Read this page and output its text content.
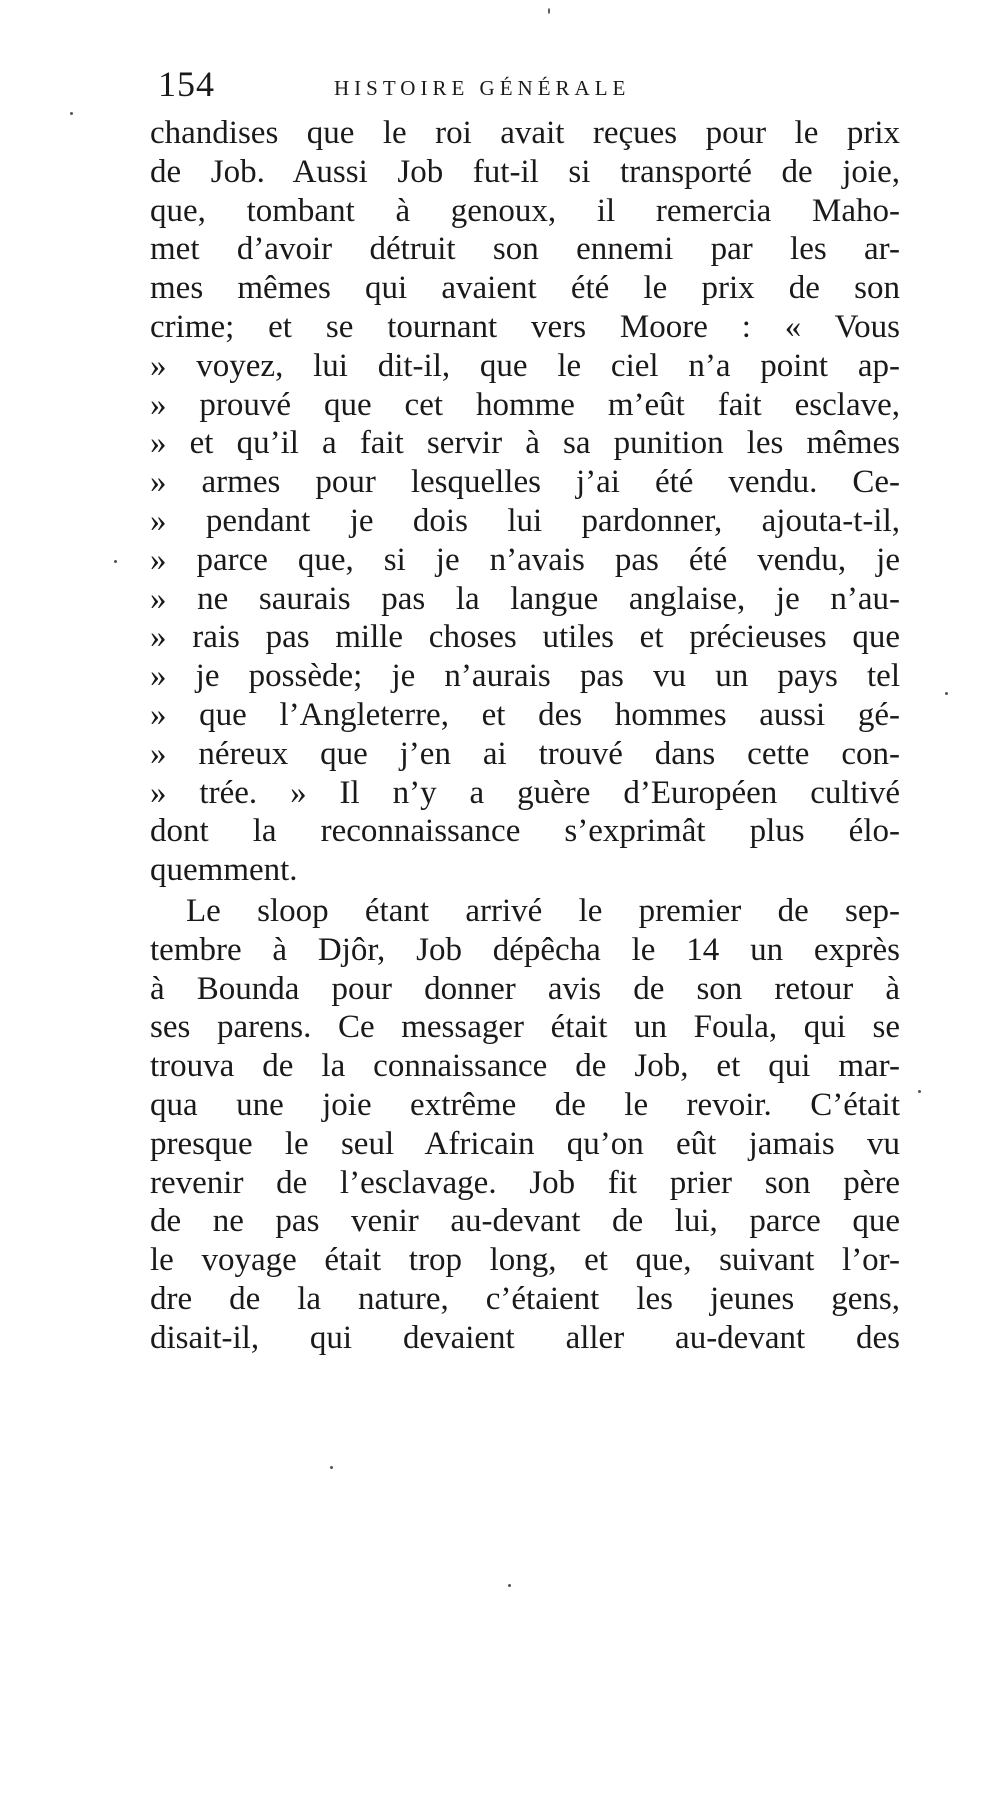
154	HISTOIRE GÉNÉRALE
chandises que le roi avait reçues pour le prix
de Job. Aussi Job fut-il si transporté de joie,
que, tombant à genoux, il remercia Maho-
met d’avoir détruit son ennemi par les ar-
mes mêmes qui avaient été le prix de son
crime; et se tournant vers Moore : « Vous
» voyez, lui dit-il, que le ciel n’a point ap-
» prouvé que cet homme m’eût fait esclave,
» et qu’il a fait servir à sa punition les mêmes
» armes pour lesquelles j’ai été vendu. Ce-
» pendant je dois lui pardonner, ajouta-t-il,
» parce que, si je n’avais pas été vendu, je
» ne saurais pas la langue anglaise, je n’au-
» rais pas mille choses utiles et précieuses que
» je possède; je n’aurais pas vu un pays tel
» que l’Angleterre, et des hommes aussi gé-
» néreux que j’en ai trouvé dans cette con-
» trée. » Il n’y a guère d’Européen cultivé
dont la reconnaissance s’exprimât plus élo-
quemment.
Le sloop étant arrivé le premier de sep-
tembre à Djôr, Job dépêcha le 14 un exprès
à Bounda pour donner avis de son retour à
ses parens. Ce messager était un Foula, qui se
trouva de la connaissance de Job, et qui mar-
qua une joie extrême de le revoir. C’était
presque le seul Africain qu’on eût jamais vu
revenir de l’esclavage. Job fit prier son père
de ne pas venir au-devant de lui, parce que
le voyage était trop long, et que, suivant l’or-
dre de la nature, c’étaient les jeunes gens,
disait-il, qui devaient aller au-devant des
